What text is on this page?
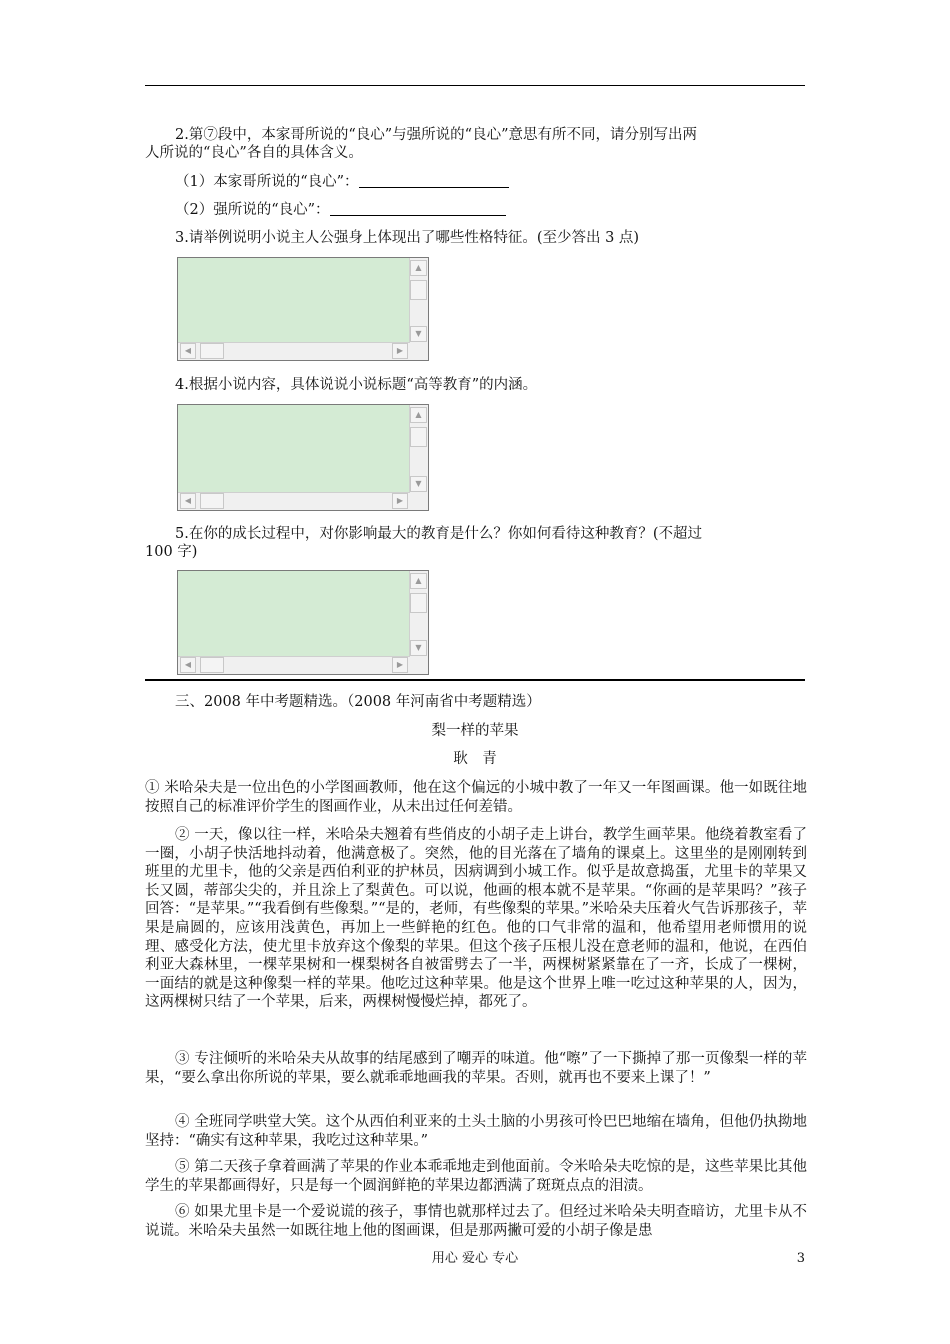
2.第⑦段中，本家哥所说的“良心”与强所说的“良心”意思有所不同，请分别写出两
人所说的“良心”各自的具体含义。
（1）本家哥所说的“良心”：
（2）强所说的“良心”：
3.请举例说明小说主人公强身上体现出了哪些性格特征。(至少答出 3 点)
▲
▼
◀	▶
4.根据小说内容，具体说说小说标题“高等教育”的内涵。
▲
▼
◀	▶
5.在你的成长过程中，对你影响最大的教育是什么？你如何看待这种教育？(不超过
100 字)
▲
▼
◀	▶
三、2008 年中考题精选。（2008 年河南省中考题精选）
梨一样的苹果
耿　青

① 米哈朵夫是一位出色的小学图画教师，他在这个偏远的小城中教了一年又一年图画课。他一如既往地按照自己的标准评价学生的图画作业，从未出过任何差错。

② 一天，像以往一样，米哈朵夫翘着有些俏皮的小胡子走上讲台，教学生画苹果。他绕着教室看了一圈，小胡子快活地抖动着，他满意极了。突然，他的目光落在了墙角的课桌上。这里坐的是刚刚转到班里的尤里卡，他的父亲是西伯利亚的护林员，因病调到小城工作。似乎是故意捣蛋，尤里卡的苹果又长又圆，蒂部尖尖的，并且涂上了梨黄色。可以说，他画的根本就不是苹果。“你画的是苹果吗？”孩子回答：“是苹果。”“我看倒有些像梨。”“是的，老师，有些像梨的苹果。”米哈朵夫压着火气告诉那孩子，苹果是扁圆的，应该用浅黄色，再加上一些鲜艳的红色。他的口气非常的温和，他希望用老师惯用的说理、感受化方法，使尤里卡放弃这个像梨的苹果。但这个孩子压根儿没在意老师的温和，他说，在西伯利亚大森林里，一棵苹果树和一棵梨树各自被雷劈去了一半，两棵树紧紧靠在了一齐，长成了一棵树，一面结的就是这种像梨一样的苹果。他吃过这种苹果。他是这个世界上唯一吃过这种苹果的人，因为，这两棵树只结了一个苹果，后来，两棵树慢慢烂掉，都死了。

③ 专注倾听的米哈朵夫从故事的结尾感到了嘲弄的味道。他“嚓”了一下撕掉了那一页像梨一样的苹果，“要么拿出你所说的苹果，要么就乖乖地画我的苹果。否则，就再也不要来上课了！”

④ 全班同学哄堂大笑。这个从西伯利亚来的土头土脑的小男孩可怜巴巴地缩在墙角，但他仍执拗地坚持：“确实有这种苹果，我吃过这种苹果。”

⑤ 第二天孩子拿着画满了苹果的作业本乖乖地走到他面前。令米哈朵夫吃惊的是，这些苹果比其他学生的苹果都画得好，只是每一个圆润鲜艳的苹果边都洒满了斑斑点点的泪渍。

⑥ 如果尤里卡是一个爱说谎的孩子，事情也就那样过去了。但经过米哈朵夫明查暗访，尤里卡从不说谎。米哈朵夫虽然一如既往地上他的图画课，但是那两撇可爱的小胡子像是患

用心 爱心 专心	3
